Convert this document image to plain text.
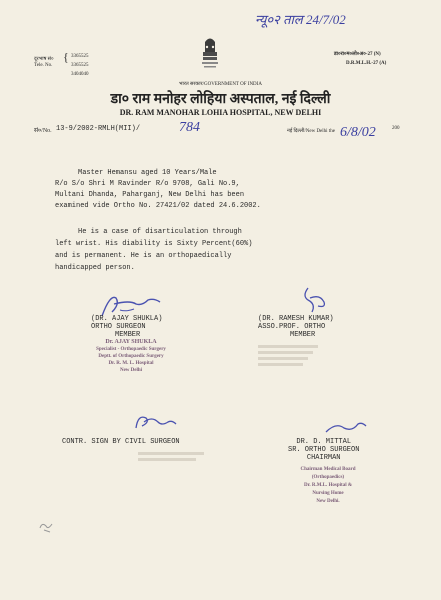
न्यू०२ ताल 24/7/02
दूरभाष सं०
Tele. No.
{ 3365525
3365525
3404040
डा०रा०म०लो०अ०-27 (N)
D.R.M.L.H.-27 (A)
भारत सरकार/GOVERNMENT OF INDIA
डा० राम मनोहर लोहिया अस्पताल, नई दिल्ली
DR. RAM MANOHAR LOHIA HOSPITAL, NEW DELHI
सं०/No. 13-9/2002-RMLH(MII)/	784	नई दिल्ली/New Delhi the 6/8/02	200
Master Hemansu aged 10 Years/Male
R/o S/o Shri M Ravinder R/o 9708, Gali No.9,
Multani Dhanda, Paharganj, New Delhi has been
examined vide Ortho No. 27421/02 dated 24.6.2002.
He is a case of disarticulation through
left wrist. His diability is Sixty Percent(60%)
and is permanent. He is an orthopaedically
handicapped person.
(DR. AJAY SHUKLA)
ORTHO SURGEON
MEMBER
Dr. AJAY SHUKLA
Specialist - Orthopaedic Surgery
Deptt. of Orthopaedic Surgery
Dr. R. M. L. Hospital
New Delhi
(DR. RAMESH KUMAR)
ASSO.PROF. ORTHO
MEMBER
CONTR. SIGN BY CIVIL SURGEON	DR. D. MITTAL
SR. ORTHO SURGEON
CHAIRMAN
Chairman Medical Board
(Orthopaedics)
Dr. R.M.L. Hospital &
Nursing Home
New Delhi.
